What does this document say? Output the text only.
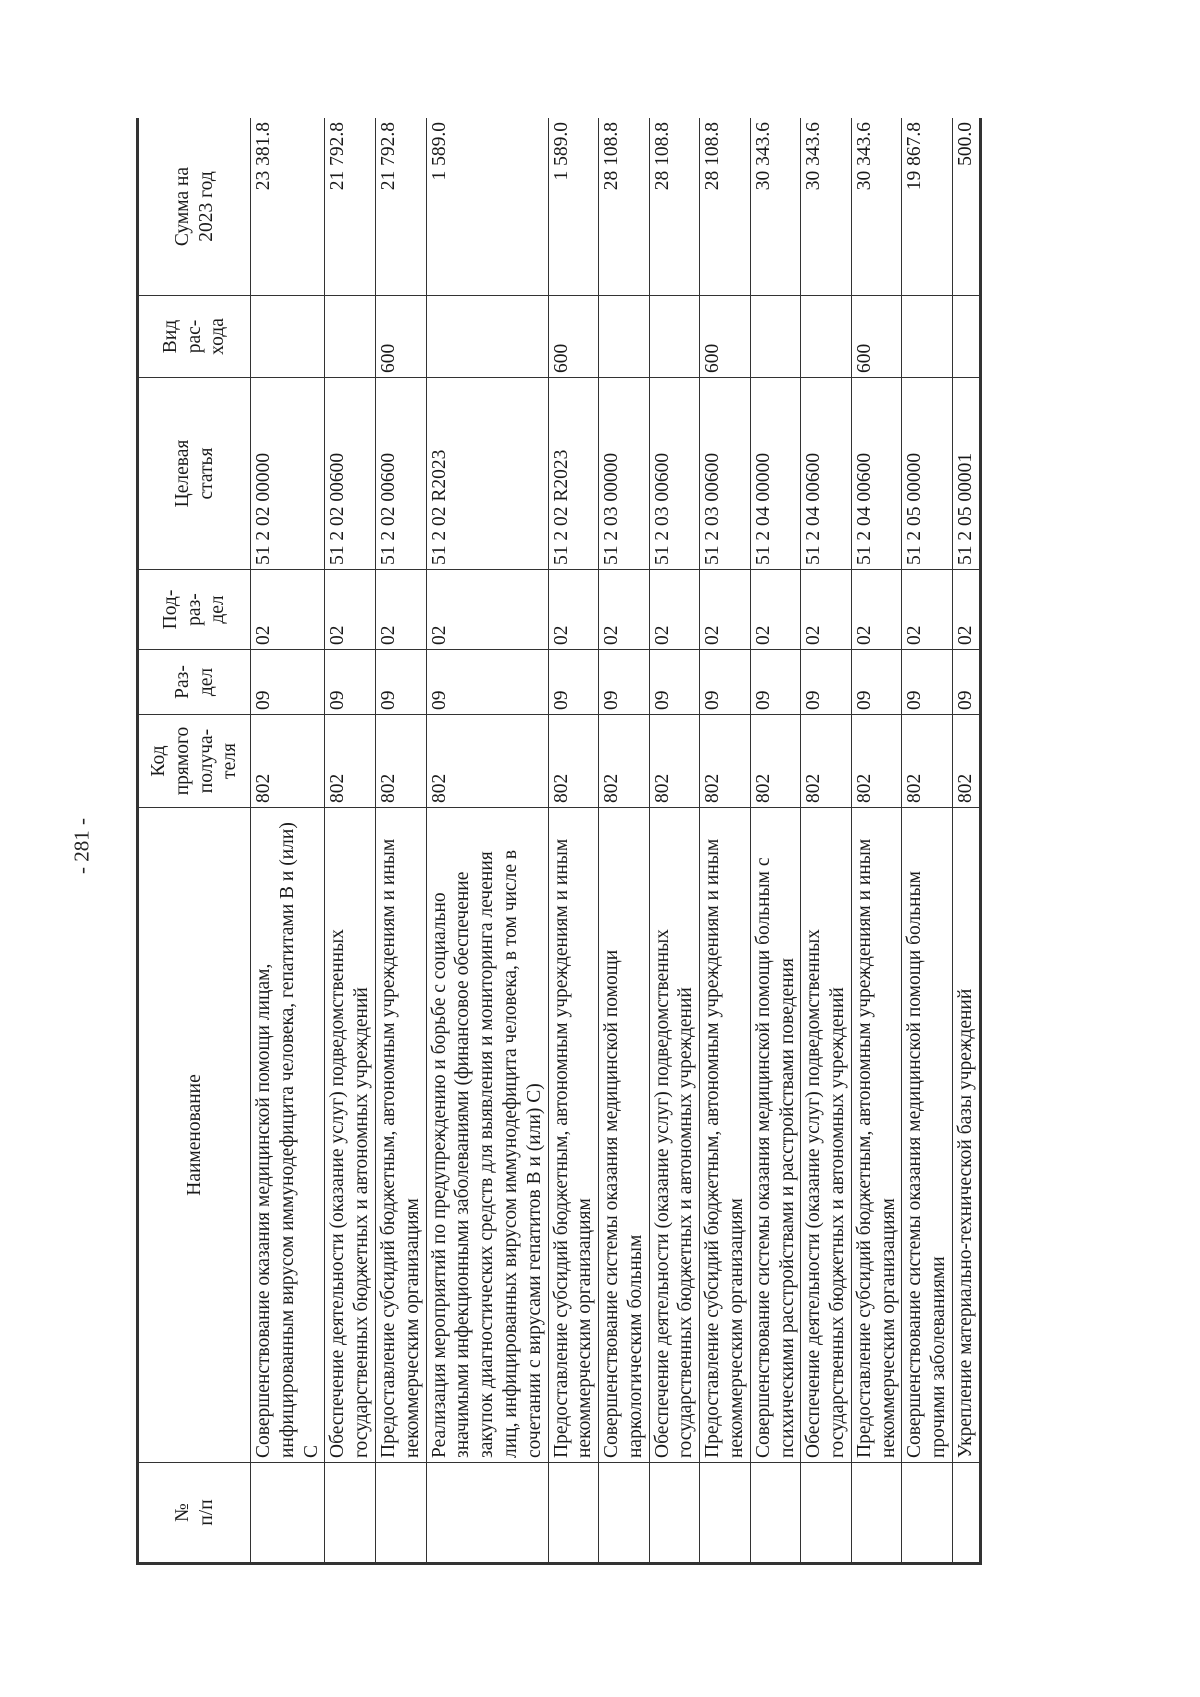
- 281 -
№
п/п	Наименование	Код
прямого
получа-
теля	Раз-
дел	Под-
раз-
дел	Целевая
статья	Вид
рас-
хода	Сумма на
2023 год
	Совершенствование оказания медицинской помощи лицам, инфицированным вирусом иммунодефицита человека, гепатитами В и (или) С	802	09	02	51 2 02 00000		23 381.8
	Обеспечение деятельности (оказание услуг) подведомственных государственных бюджетных и автономных учреждений	802	09	02	51 2 02 00600		21 792.8
	Предоставление субсидий бюджетным, автономным учреждениям и иным некоммерческим организациям	802	09	02	51 2 02 00600	600	21 792.8
	Реализация мероприятий по предупреждению и борьбе с социально значимыми инфекционными заболеваниями (финансовое обеспечение закупок диагностических средств для выявления и мониторинга лечения лиц, инфицированных вирусом иммунодефицита человека, в том числе в сочетании с вирусами гепатитов В и (или) С)	802	09	02	51 2 02 R2023		1 589.0
	Предоставление субсидий бюджетным, автономным учреждениям и иным некоммерческим организациям	802	09	02	51 2 02 R2023	600	1 589.0
	Совершенствование системы оказания медицинской помощи наркологическим больным	802	09	02	51 2 03 00000		28 108.8
	Обеспечение деятельности (оказание услуг) подведомственных государственных бюджетных и автономных учреждений	802	09	02	51 2 03 00600		28 108.8
	Предоставление субсидий бюджетным, автономным учреждениям и иным некоммерческим организациям	802	09	02	51 2 03 00600	600	28 108.8
	Совершенствование системы оказания медицинской помощи больным с психическими расстройствами и расстройствами поведения	802	09	02	51 2 04 00000		30 343.6
	Обеспечение деятельности (оказание услуг) подведомственных государственных бюджетных и автономных учреждений	802	09	02	51 2 04 00600		30 343.6
	Предоставление субсидий бюджетным, автономным учреждениям и иным некоммерческим организациям	802	09	02	51 2 04 00600	600	30 343.6
	Совершенствование системы оказания медицинской помощи больным прочими заболеваниями	802	09	02	51 2 05 00000		19 867.8
	Укрепление материально-технической базы учреждений	802	09	02	51 2 05 00001		500.0
